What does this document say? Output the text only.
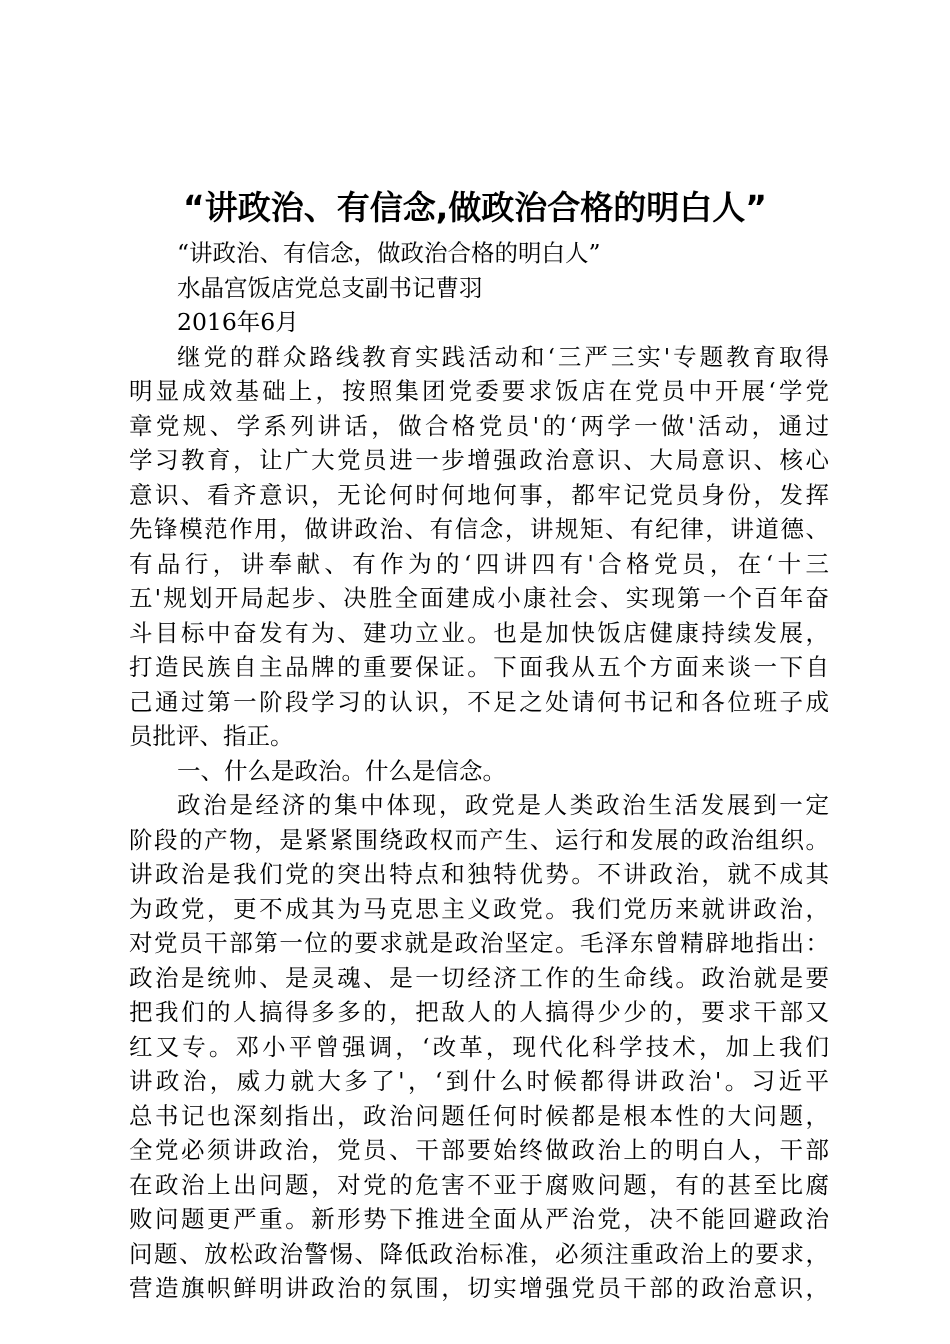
“讲政治、有信念,做政治合格的明白人”
“讲政治、有信念，做政治合格的明白人”
水晶宫饭店党总支副书记曹羽
2016年6月
继党的群众路线教育实践活动和‘三严三实'专题教育取得
明显成效基础上，按照集团党委要求饭店在党员中开展‘学党
章党规、学系列讲话，做合格党员'的‘两学一做'活动，通过
学习教育，让广大党员进一步增强政治意识、大局意识、核心
意识、看齐意识，无论何时何地何事，都牢记党员身份，发挥
先锋模范作用，做讲政治、有信念，讲规矩、有纪律，讲道德、
有品行，讲奉献、有作为的‘四讲四有'合格党员，在‘十三
五'规划开局起步、决胜全面建成小康社会、实现第一个百年奋
斗目标中奋发有为、建功立业。也是加快饭店健康持续发展，
打造民族自主品牌的重要保证。下面我从五个方面来谈一下自
己通过第一阶段学习的认识，不足之处请何书记和各位班子成
员批评、指正。
一、什么是政治。什么是信念。
政治是经济的集中体现，政党是人类政治生活发展到一定
阶段的产物，是紧紧围绕政权而产生、运行和发展的政治组织。
讲政治是我们党的突出特点和独特优势。不讲政治，就不成其
为政党，更不成其为马克思主义政党。我们党历来就讲政治，
对党员干部第一位的要求就是政治坚定。毛泽东曾精辟地指出：
政治是统帅、是灵魂、是一切经济工作的生命线。政治就是要
把我们的人搞得多多的，把敌人的人搞得少少的，要求干部又
红又专。邓小平曾强调，‘改革，现代化科学技术，加上我们
讲政治，威力就大多了'，‘到什么时候都得讲政治'。习近平
总书记也深刻指出，政治问题任何时候都是根本性的大问题，
全党必须讲政治，党员、干部要始终做政治上的明白人，干部
在政治上出问题，对党的危害不亚于腐败问题，有的甚至比腐
败问题更严重。新形势下推进全面从严治党，决不能回避政治
问题、放松政治警惕、降低政治标准，必须注重政治上的要求，
营造旗帜鲜明讲政治的氛围，切实增强党员干部的政治意识，
